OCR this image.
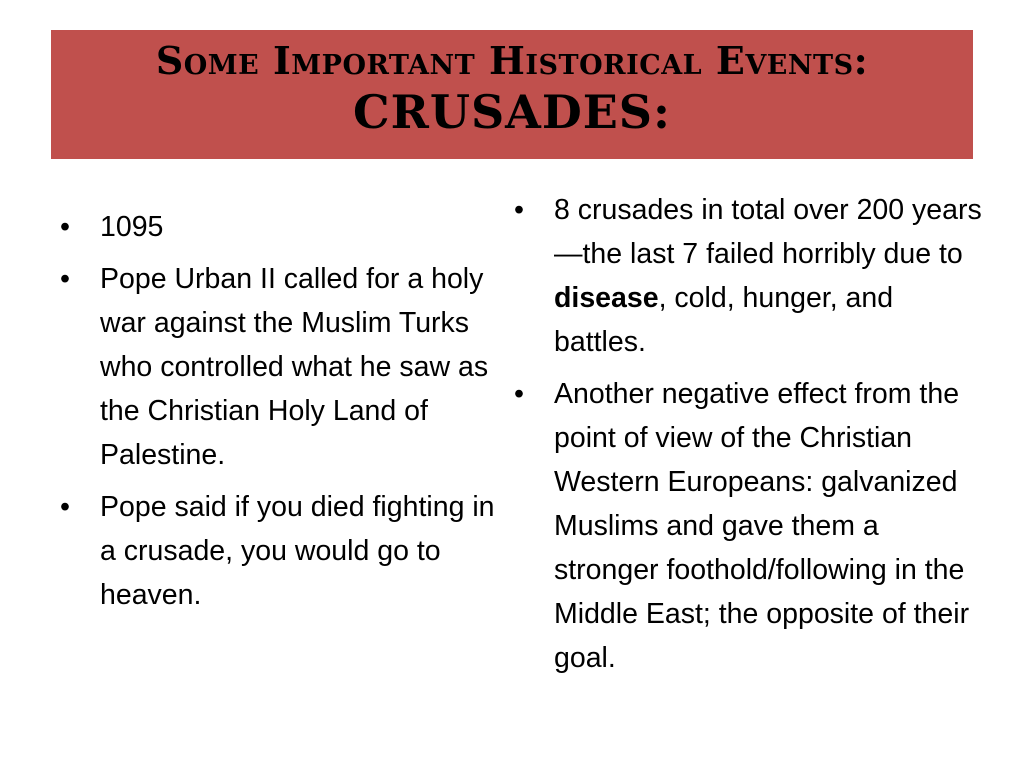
Some Important Historical Events:
CRUSADES:
•	1095
•	Pope Urban II called for a holy war against the Muslim Turks who controlled what he saw as the Christian Holy Land of Palestine.
•	Pope said if you died fighting in a crusade, you would go to heaven.
•	8 crusades in total over 200 years—the last 7 failed horribly due to disease, cold, hunger, and battles.
•	Another negative effect from the point of view of the Christian Western Europeans: galvanized Muslims and gave them a stronger foothold/following in the Middle East; the opposite of their goal.
